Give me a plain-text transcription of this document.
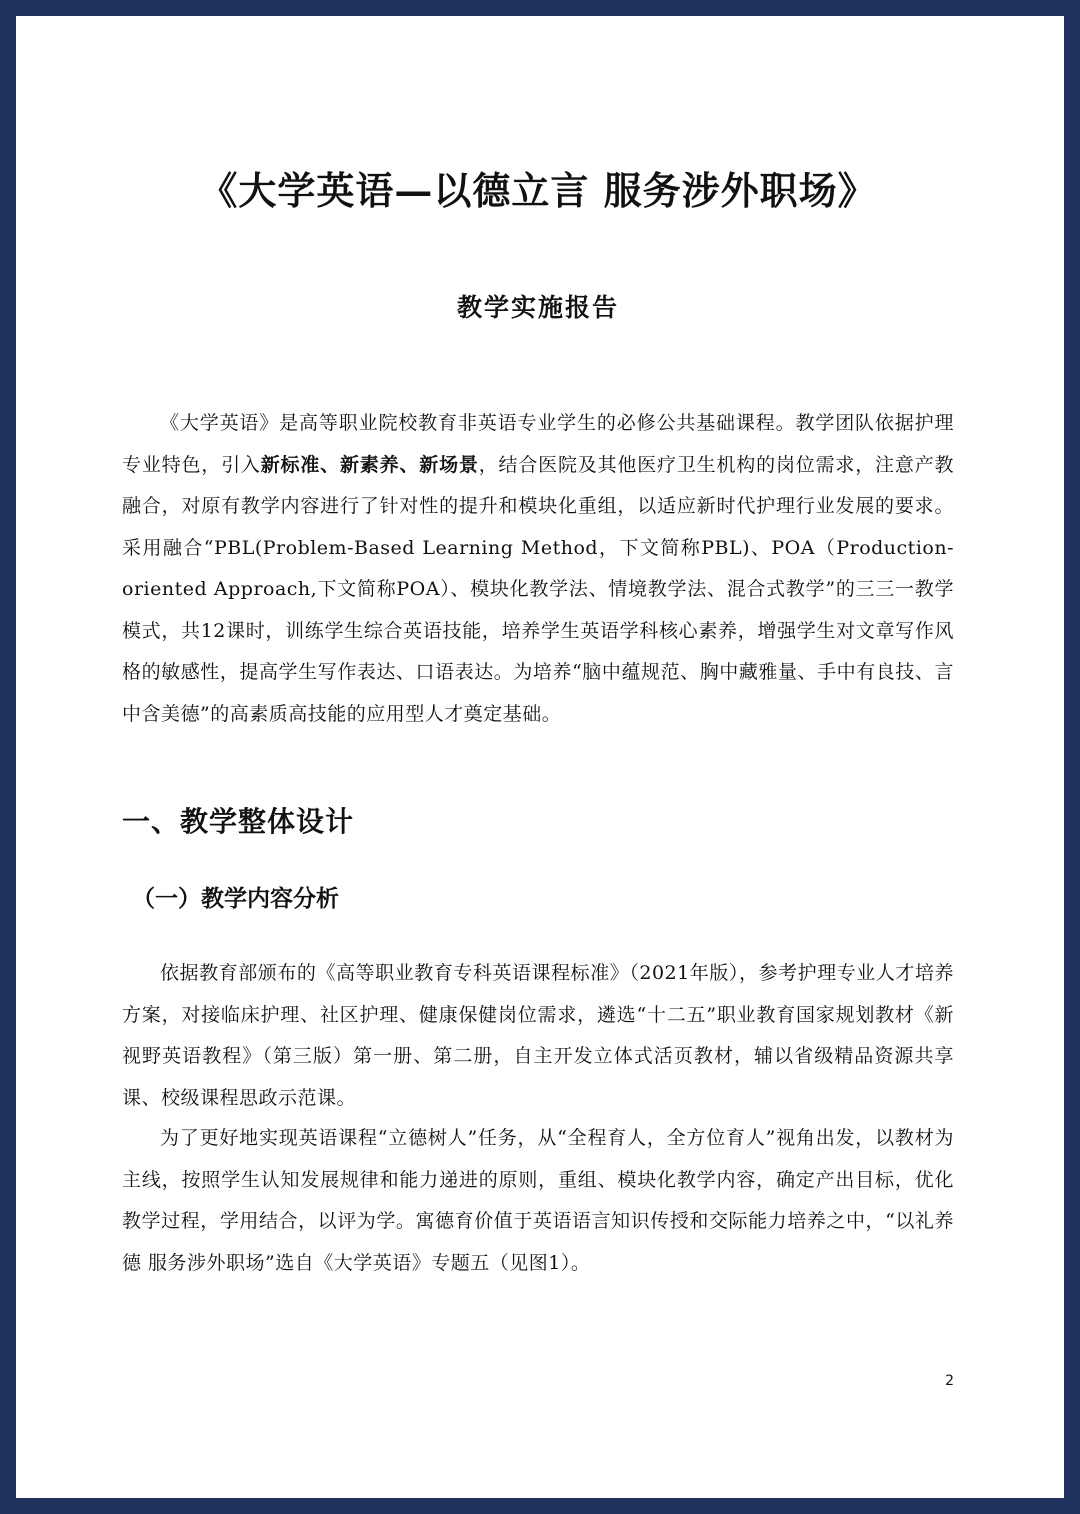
《大学英语—以德立言 服务涉外职场》
教学实施报告

《大学英语》是高等职业院校教育非英语专业学生的必修公共基础课程。教学团队依据护理专业特色，引入新标准、新素养、新场景，结合医院及其他医疗卫生机构的岗位需求，注意产教融合，对原有教学内容进行了针对性的提升和模块化重组，以适应新时代护理行业发展的要求。采用融合“PBL(Problem-Based Learning Method，下文简称PBL)、POA（Production-oriented Approach,下文简称POA）、模块化教学法、情境教学法、混合式教学”的三三一教学模式，共12课时，训练学生综合英语技能，培养学生英语学科核心素养，增强学生对文章写作风格的敏感性，提高学生写作表达、口语表达。为培养“脑中蕴规范、胸中藏雅量、手中有良技、言中含美德”的高素质高技能的应用型人才奠定基础。

一、教学整体设计
（一）教学内容分析

依据教育部颁布的《高等职业教育专科英语课程标准》（2021年版），参考护理专业人才培养方案，对接临床护理、社区护理、健康保健岗位需求，遴选“十二五”职业教育国家规划教材《新视野英语教程》（第三版）第一册、第二册，自主开发立体式活页教材，辅以省级精品资源共享课、校级课程思政示范课。

为了更好地实现英语课程“立德树人”任务，从“全程育人，全方位育人”视角出发，以教材为主线，按照学生认知发展规律和能力递进的原则，重组、模块化教学内容，确定产出目标，优化教学过程，学用结合，以评为学。寓德育价值于英语语言知识传授和交际能力培养之中，“以礼养德 服务涉外职场”选自《大学英语》专题五（见图1）。

2
